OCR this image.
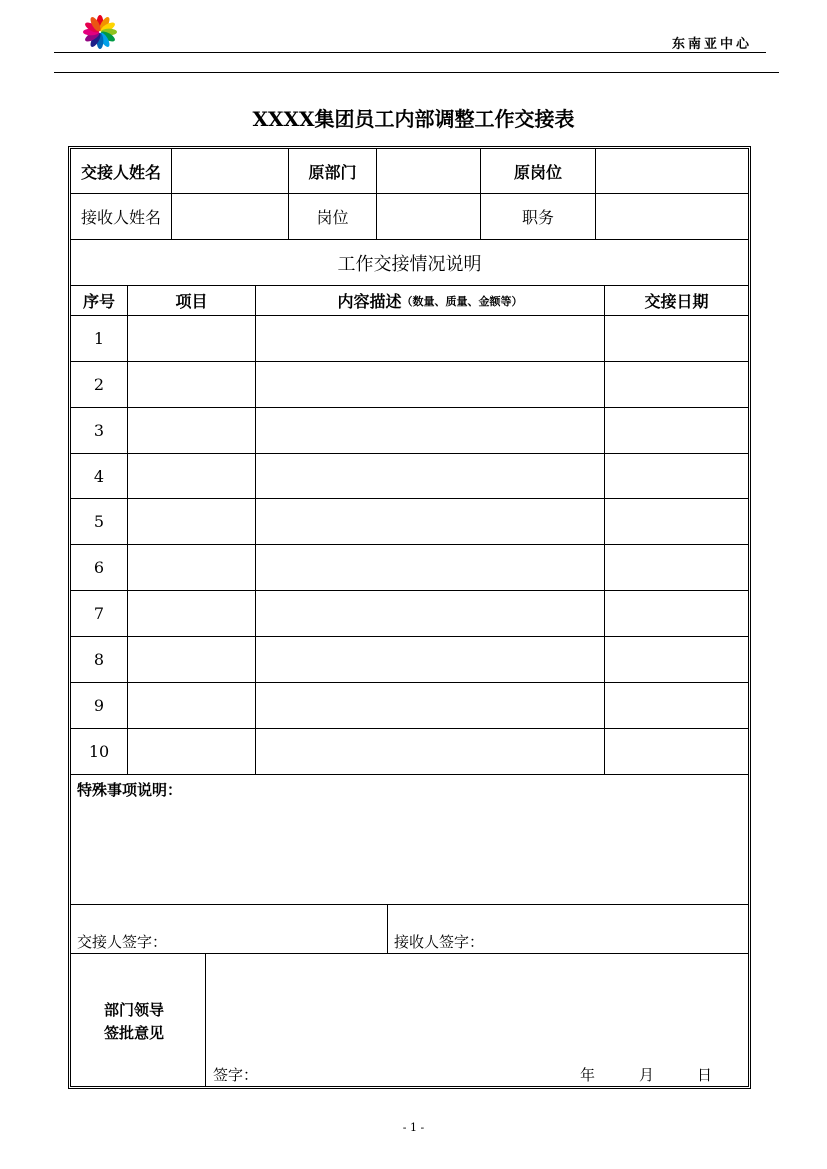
东南亚中心
XXXX集团员工内部调整工作交接表
交接人姓名	原部门	原岗位
接收人姓名	岗位	职务
工作交接情况说明
序号	项目	内容描述 （数量、质量、金额等）	交接日期
1
2
3
4
5
6
7
8
9
10
特殊事项说明：
交接人签字：	接收人签字：
部门领导
签批意见
签字：	年	月	日
- 1 -
